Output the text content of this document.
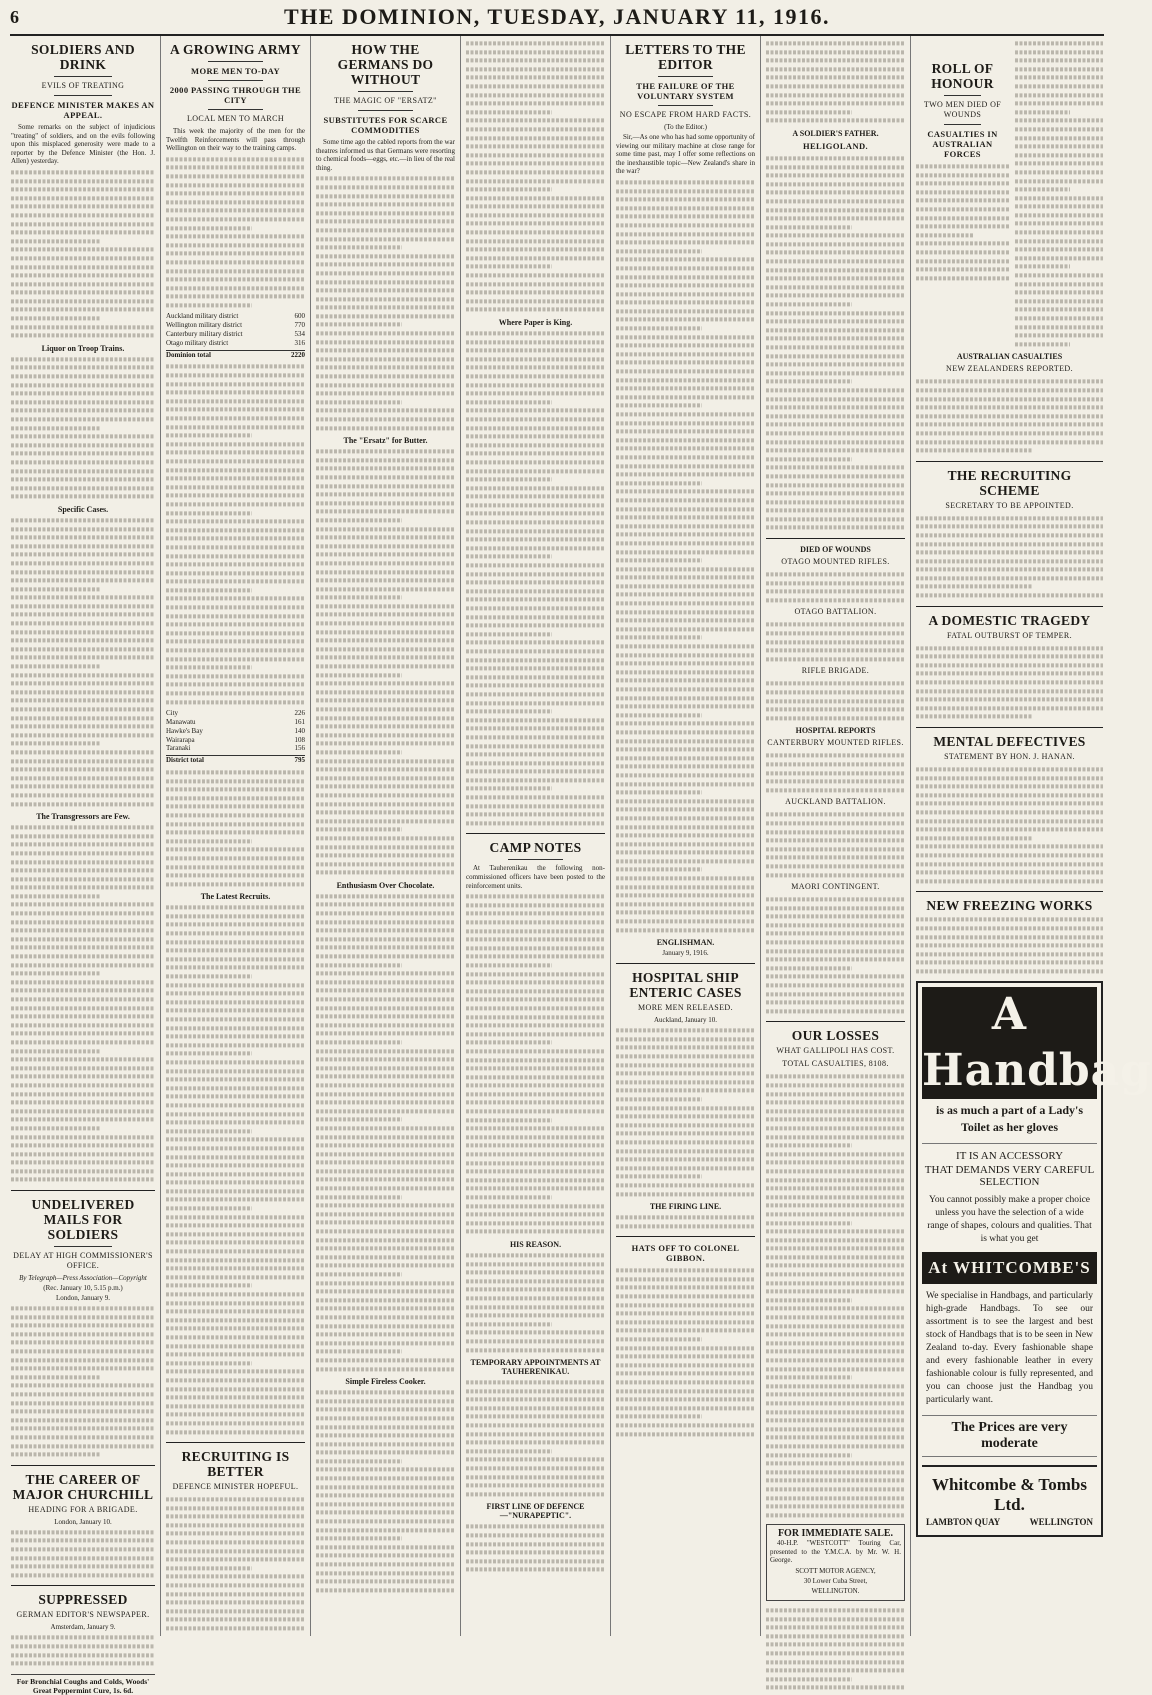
6	THE DOMINION, TUESDAY, JANUARY 11, 1916.
SOLDIERS AND DRINK
EVILS OF TREATING
DEFENCE MINISTER MAKES AN APPEAL.

Some remarks on the subject of injudicious "treating" of soldiers, and on the evils following upon this misplaced generosity were made to a reporter by the Defence Minister (the Hon. J. Allen) yesterday.

Liquor on Troop Trains.
Specific Cases.
The Transgressors are Few.
UNDELIVERED MAILS FOR SOLDIERS
DELAY AT HIGH COMMISSIONER'S OFFICE.
By Telegraph—Press Association—Copyright
(Rec. January 10, 5.15 p.m.)
London, January 9.
THE CAREER OF MAJOR CHURCHILL
HEADING FOR A BRIGADE.
London, January 10.
SUPPRESSED
GERMAN EDITOR'S NEWSPAPER.
Amsterdam, January 9.
For Bronchial Coughs and Colds, Woods' Great Peppermint Cure, 1s. 6d.
A GROWING ARMY
MORE MEN TO-DAY
2000 PASSING THROUGH THE CITY
LOCAL MEN TO MARCH

This week the majority of the men for the Twelfth Reinforcements will pass through Wellington on their way to the training camps.

Auckland military district	600
Wellington military district	770
Canterbury military district	534
Otago military district	316
Dominion total	2220
City	226
Manawatu	161
Hawke's Bay	140
Wairarapa	108
Taranaki	156
District total	795
The Latest Recruits.
RECRUITING IS BETTER
DEFENCE MINISTER HOPEFUL.
HOW THE GERMANS DO WITHOUT
THE MAGIC OF "ERSATZ"
SUBSTITUTES FOR SCARCE COMMODITIES

Some time ago the cabled reports from the war theatres informed us that Germans were resorting to chemical foods—eggs, etc.—in lieu of the real thing.

The "Ersatz" for Butter.
Enthusiasm Over Chocolate.
Simple Fireless Cooker.
Where Paper is King.
CAMP NOTES

At Tauherenikau the following non-commissioned officers have been posted to the reinforcement units.

HIS REASON.
TEMPORARY APPOINTMENTS AT TAUHERENIKAU.
FIRST LINE OF DEFENCE—"NURAPEPTIC".
LETTERS TO THE EDITOR
THE FAILURE OF THE VOLUNTARY SYSTEM
NO ESCAPE FROM HARD FACTS.
(To the Editor.)

Sir,—As one who has had some opportunity of viewing our military machine at close range for some time past, may I offer some reflections on the inexhaustible topic—New Zealand's share in the war?

ENGLISHMAN.
January 9, 1916.
HOSPITAL SHIP ENTERIC CASES
MORE MEN RELEASED.
Auckland, January 10.
THE FIRING LINE.
HATS OFF TO COLONEL GIBBON.
A SOLDIER'S FATHER.
HELIGOLAND.
DIED OF WOUNDS
OTAGO MOUNTED RIFLES.
OTAGO BATTALION.
RIFLE BRIGADE.
HOSPITAL REPORTS
CANTERBURY MOUNTED RIFLES.
AUCKLAND BATTALION.
MAORI CONTINGENT.
OUR LOSSES
WHAT GALLIPOLI HAS COST.
TOTAL CASUALTIES, 8108.
FOR IMMEDIATE SALE.

40-H.P. "WESTCOTT" Touring Car, presented to the Y.M.C.A. by Mr. W. H. George.

SCOTT MOTOR AGENCY,
30 Lower Cuba Street,
WELLINGTON.
ROLL OF HONOUR
TWO MEN DIED OF WOUNDS
CASUALTIES IN AUSTRALIAN FORCES
AUSTRALIAN CASUALTIES
NEW ZEALANDERS REPORTED.
THE RECRUITING SCHEME
SECRETARY TO BE APPOINTED.
A DOMESTIC TRAGEDY
FATAL OUTBURST OF TEMPER.
MENTAL DEFECTIVES
STATEMENT BY HON. J. HANAN.
NEW FREEZING WORKS
A Handbag
is as much a part of a Lady's
Toilet as her gloves
IT IS AN ACCESSORY
THAT DEMANDS VERY CAREFUL SELECTION
You cannot possibly make a proper choice unless you have the selection of a wide range of shapes, colours and qualities. That is what you get
At WHITCOMBE'S
We specialise in Handbags, and particularly high-grade Handbags. To see our assortment is to see the largest and best stock of Handbags that is to be seen in New Zealand to-day. Every fashionable shape and every fashionable leather in every fashionable colour is fully represented, and you can choose just the Handbag you particularly want.
The Prices are very moderate
Whitcombe & Tombs Ltd.
LAMBTON QUAY	WELLINGTON
